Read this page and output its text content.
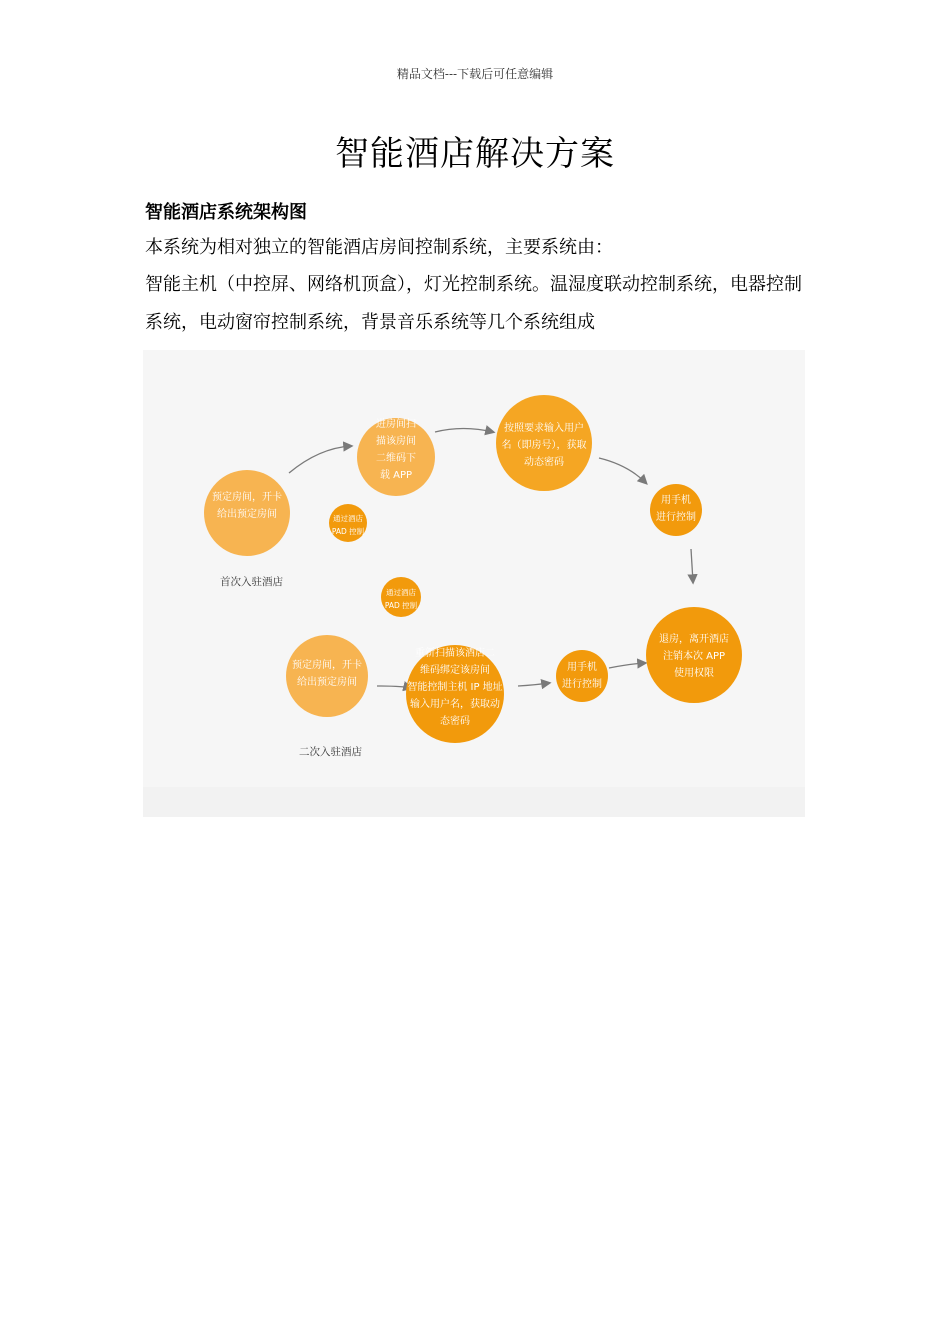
精品文档---下载后可任意编辑
智能酒店解决方案
智能酒店系统架构图

本系统为相对独立的智能酒店房间控制系统，主要系统由：

智能主机（中控屏、网络机顶盒），灯光控制系统。温湿度联动控制系统，电器控制系统，电动窗帘控制系统，背景音乐系统等几个系统组成

预定房间，开卡给出预定房间
进房间扫描该房间二维码下载 APP
通过酒店 PAD 控制
按照要求输入用户名（即房号），获取动态密码
用手机进行控制
退房，离开酒店注销本次 APP 使用权限
通过酒店 PAD 控制
预定房间，开卡给出预定房间
重新扫描该酒店二维码绑定该房间智能控制主机 IP 地址输入用户名，获取动态密码
用手机进行控制
首次入驻酒店
二次入驻酒店
